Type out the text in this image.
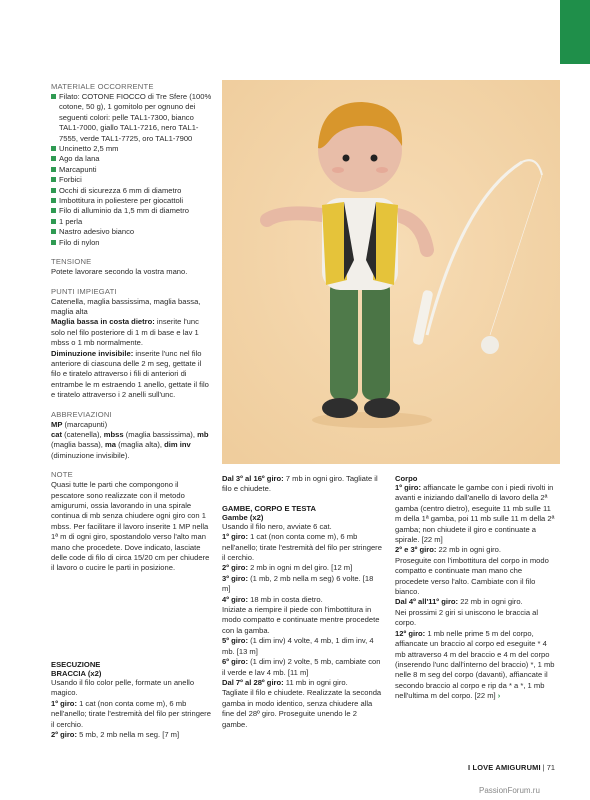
MATERIALE OCCORRENTE
Filato: COTONE FIOCCO di Tre Sfere (100% cotone, 50 g), 1 gomitolo per ognuno dei seguenti colori: pelle TAL1-7300, bianco TAL1-7000, giallo TAL1-7216, nero TAL1-7555, verde TAL1-7725, oro TAL1-7900
Uncinetto 2,5 mm
Ago da lana
Marcapunti
Forbici
Occhi di sicurezza 6 mm di diametro
Imbottitura in poliestere per giocattoli
Filo di alluminio da 1,5 mm di diametro
1 perla
Nastro adesivo bianco
Filo di nylon
TENSIONE

Potete lavorare secondo la vostra mano.

PUNTI IMPIEGATI

Catenella, maglia bassissima, maglia bassa, maglia alta

Maglia bassa in costa dietro: inserite l'unc solo nel filo posteriore di 1 m di base e lav 1 mbss o 1 mb normalmente.

Diminuzione invisibile: inserite l'unc nel filo anteriore di ciascuna delle 2 m seg, gettate il filo e tiratelo attraverso i fili di anteriori di entrambe le m estraendo 1 anello, gettate il filo e tiratelo attraverso i 2 anelli sull'unc.

ABBREVIAZIONI

MP (marcapunti)

cat (catenella), mbss (maglia bassissima), mb (maglia bassa), ma (maglia alta), dim inv (diminuzione invisibile).

NOTE

Quasi tutte le parti che compongono il pescatore sono realizzate con il metodo amigurumi, ossia lavorando in una spirale continua di mb senza chiudere ogni giro con 1 mbss. Per facilitare il lavoro inserite 1 MP nella 1ª m di ogni giro, spostandolo verso l'alto man mano che procedete. Dove indicato, lasciate delle code di filo di circa 15/20 cm per chiudere il lavoro o cucire le parti in posizione.

ESECUZIONE
BRACCIA (x2)

Usando il filo color pelle, formate un anello magico.

1º giro: 1 cat (non conta come m), 6 mb nell'anello; tirate l'estremità del filo per stringere il cerchio.

2º giro: 5 mb, 2 mb nella m seg. [7 m]

Dal 3º al 16º giro: 7 mb in ogni giro. Tagliate il filo e chiudete.

GAMBE, CORPO E TESTA
Gambe (x2)

Usando il filo nero, avviate 6 cat.

1º giro: 1 cat (non conta come m), 6 mb nell'anello; tirate l'estremità del filo per stringere il cerchio.

2º giro: 2 mb in ogni m del giro. [12 m]

3º giro: (1 mb, 2 mb nella m seg) 6 volte. [18 m]

4º giro: 18 mb in costa dietro.

Iniziate a riempire il piede con l'imbottitura in modo compatto e continuate mentre procedete con la gamba.

5º giro: (1 dim inv) 4 volte, 4 mb, 1 dim inv, 4 mb. [13 m]

6º giro: (1 dim inv) 2 volte, 5 mb, cambiate con il verde e lav 4 mb. [11 m]

Dal 7º al 28º giro: 11 mb in ogni giro.

Tagliate il filo e chiudete. Realizzate la seconda gamba in modo identico, senza chiudere alla fine del 28º giro. Proseguite unendo le 2 gambe.

Corpo

1º giro: affiancate le gambe con i piedi rivolti in avanti e iniziando dall'anello di lavoro della 2ª gamba (centro dietro), eseguite 11 mb sulle 11 m della 1ª gamba, poi 11 mb sulle 11 m della 2ª gamba; non chiudete il giro e continuate a spirale. [22 m]

2º e 3º giro: 22 mb in ogni giro.

Proseguite con l'imbottitura del corpo in modo compatto e continuate man mano che procedete verso l'alto. Cambiate con il filo bianco.

Dal 4º all'11º giro: 22 mb in ogni giro.

Nei prossimi 2 giri si uniscono le braccia al corpo.

12º giro: 1 mb nelle prime 5 m del corpo, affiancate un braccio al corpo ed eseguite * 4 mb attraverso 4 m del braccio e 4 m del corpo (inserendo l'unc dall'interno del braccio) *, 1 mb nelle 8 m seg del corpo (davanti), affiancate il secondo braccio al corpo e rip da * a *, 1 mb nell'ultima m del corpo. [22 m] ›

I LOVE AMIGURUMI | 71
PassionForum.ru
